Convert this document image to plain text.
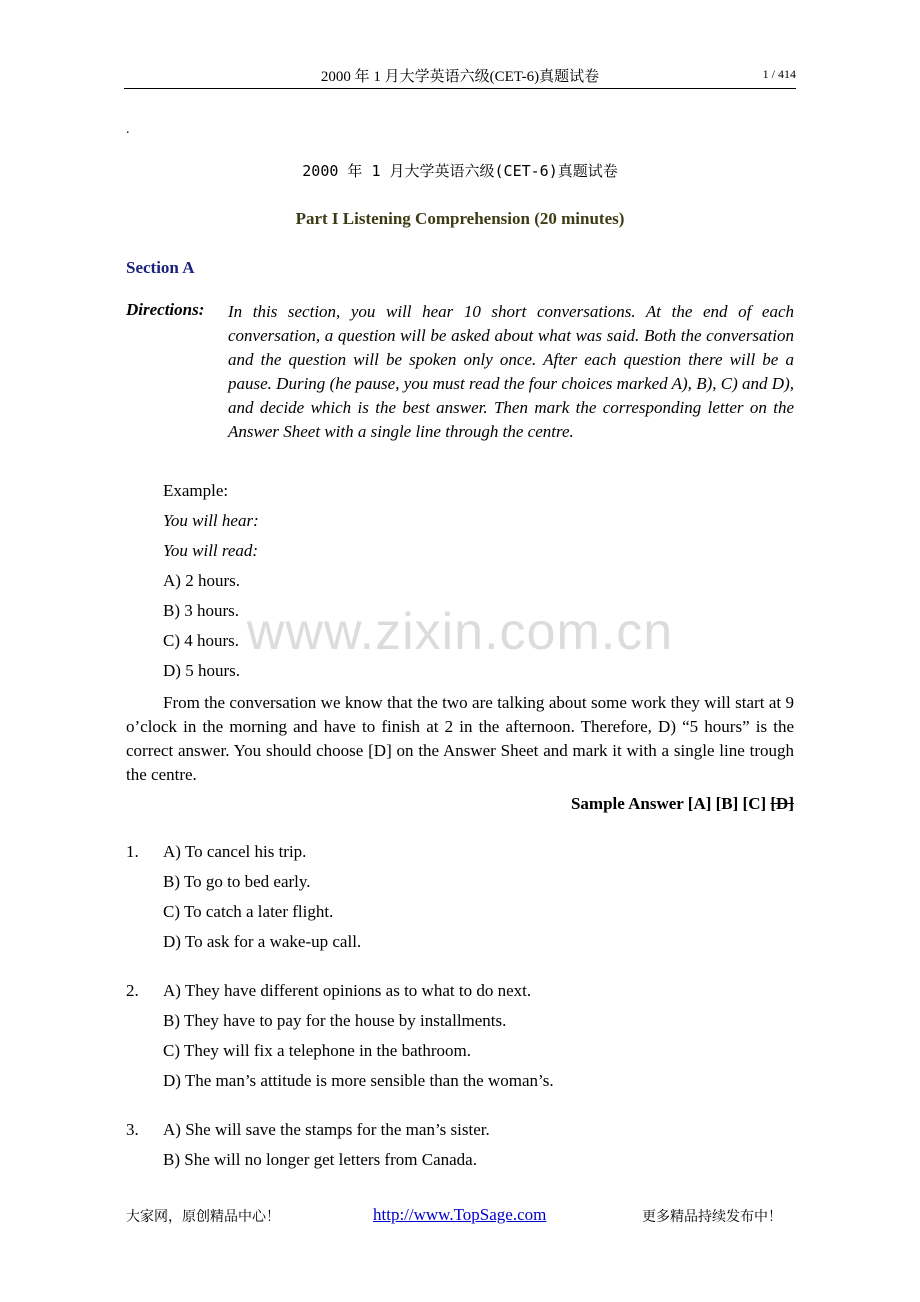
2000 年 1 月大学英语六级(CET-6)真题试卷	1 / 414
.
2000 年 1 月大学英语六级(CET-6)真题试卷
Part I Listening Comprehension (20 minutes)
Section A
Directions: In this section, you will hear 10 short conversations. At the end of each conversation, a question will be asked about what was said. Both the conversation and the question will be spoken only once. After each question there will be a pause. During (he pause, you must read the four choices marked A), B), C) and D), and decide which is the best answer. Then mark the corresponding letter on the Answer Sheet with a single line through the centre.

Example:
You will hear:
You will read:
A) 2 hours.
B) 3 hours.
C) 4 hours.
D) 5 hours.

From the conversation we know that the two are talking about some work they will start at 9 o’clock in the morning and have to finish at 2 in the afternoon. Therefore, D) “5 hours” is the correct answer. You should choose [D] on the Answer Sheet and mark it with a single line trough the centre.

Sample Answer [A] [B] [C] [D]
1. A) To cancel his trip.
B) To go to bed early.
C) To catch a later flight.
D) To ask for a wake-up call.
2. A) They have different opinions as to what to do next.
B) They have to pay for the house by installments.
C) They will fix a telephone in the bathroom.
D) The man’s attitude is more sensible than the woman’s.
3. A) She will save the stamps for the man’s sister.
B) She will no longer get letters from Canada.
www.zixin.com.cn
大家网，原创精品中心！	http://www.TopSage.com	更多精品持续发布中！
